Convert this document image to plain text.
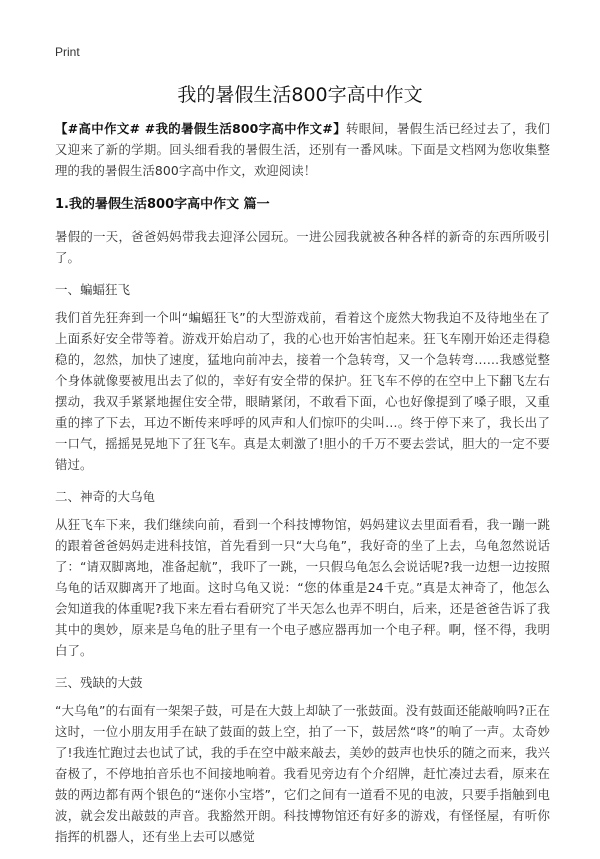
Print
我的暑假生活800字高中作文

【#高中作文# #我的暑假生活800字高中作文#】转眼间，暑假生活已经过去了，我们又迎来了新的学期。回头细看我的暑假生活，还别有一番风味。下面是文档网为您收集整理的我的暑假生活800字高中作文，欢迎阅读！

1.我的暑假生活800字高中作文 篇一

暑假的一天，爸爸妈妈带我去迎泽公园玩。一进公园我就被各种各样的新奇的东西所吸引了。

一、蝙蝠狂飞

我们首先狂奔到一个叫“蝙蝠狂飞”的大型游戏前，看着这个庞然大物我迫不及待地坐在了上面系好安全带等着。游戏开始启动了，我的心也开始害怕起来。狂飞车刚开始还走得稳稳的，忽然，加快了速度，猛地向前冲去，接着一个急转弯，又一个急转弯……我感觉整个身体就像要被甩出去了似的，幸好有安全带的保护。狂飞车不停的在空中上下翻飞左右摆动，我双手紧紧地握住安全带，眼睛紧闭，不敢看下面，心也好像提到了嗓子眼，又重重的摔了下去，耳边不断传来呼呼的风声和人们惊吓的尖叫…。终于停下来了，我长出了一口气，摇摇晃晃地下了狂飞车。真是太刺激了!胆小的千万不要去尝试，胆大的一定不要错过。

二、神奇的大乌龟

从狂飞车下来，我们继续向前，看到一个科技博物馆，妈妈建议去里面看看，我一蹦一跳的跟着爸爸妈妈走进科技馆，首先看到一只“大乌龟”，我好奇的坐了上去，乌龟忽然说话了：“请双脚离地，准备起航”，我吓了一跳，一只假乌龟怎么会说话呢?我一边想一边按照乌龟的话双脚离开了地面。这时乌龟又说：“您的体重是24千克。”真是太神奇了，他怎么会知道我的体重呢?我下来左看右看研究了半天怎么也弄不明白，后来，还是爸爸告诉了我其中的奥妙，原来是乌龟的肚子里有一个电子感应器再加一个电子秤。啊，怪不得，我明白了。

三、残缺的大鼓

“大乌龟”的右面有一架架子鼓，可是在大鼓上却缺了一张鼓面。没有鼓面还能敲响吗?正在这时，一位小朋友用手在缺了鼓面的鼓上空，拍了一下，鼓居然“咚”的响了一声。太奇妙了!我连忙跑过去也试了试，我的手在空中敲来敲去，美妙的鼓声也快乐的随之而来，我兴奋极了，不停地拍音乐也不间接地响着。我看见旁边有个介绍牌，赶忙凑过去看，原来在鼓的两边都有两个银色的“迷你小宝塔”，它们之间有一道看不见的电波，只要手指触到电波，就会发出敲鼓的声音。我豁然开朗。科技博物馆还有好多的游戏，有怪怪屋，有听你指挥的机器人，还有坐上去可以感觉
